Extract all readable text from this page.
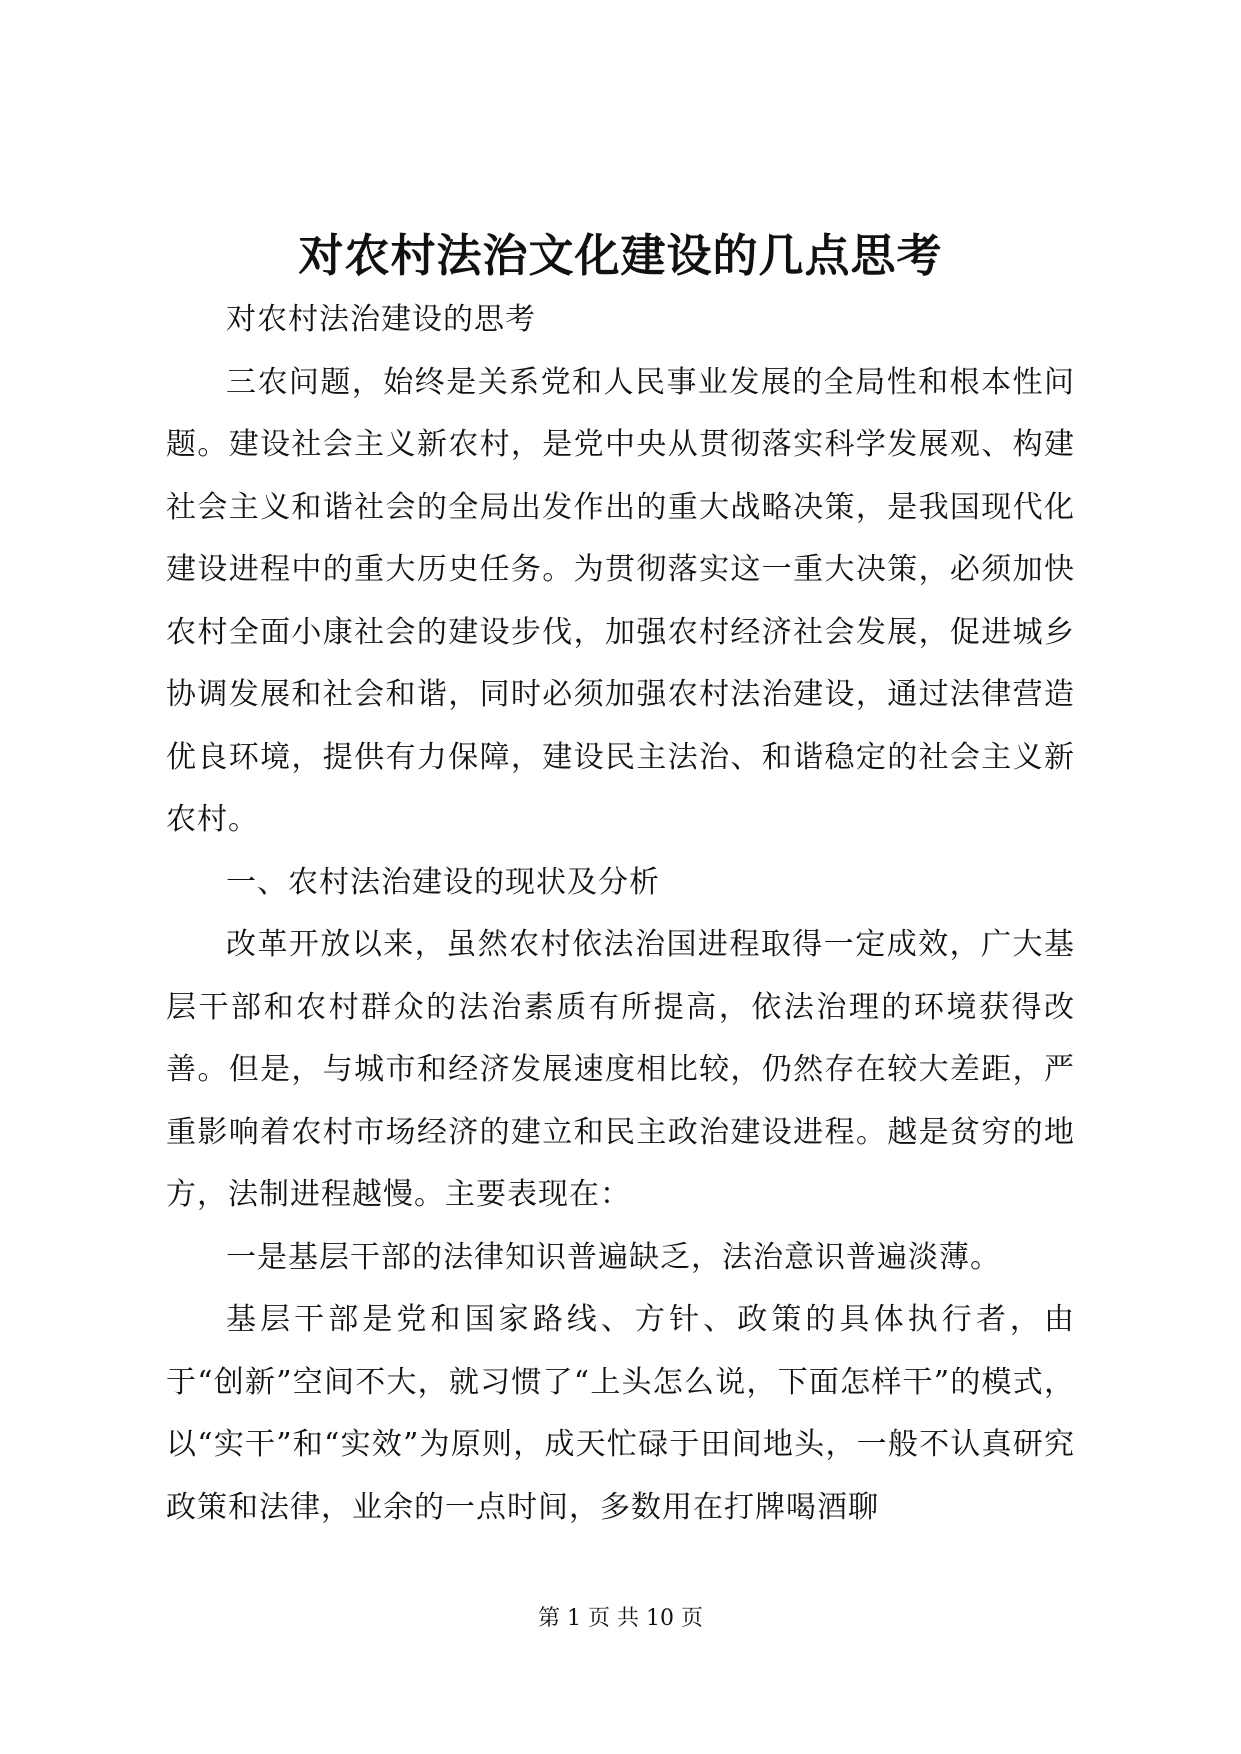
对农村法治文化建设的几点思考

对农村法治建设的思考

三农问题，始终是关系党和人民事业发展的全局性和根本性问题。建设社会主义新农村，是党中央从贯彻落实科学发展观、构建社会主义和谐社会的全局出发作出的重大战略决策，是我国现代化建设进程中的重大历史任务。为贯彻落实这一重大决策，必须加快农村全面小康社会的建设步伐，加强农村经济社会发展，促进城乡协调发展和社会和谐，同时必须加强农村法治建设，通过法律营造优良环境，提供有力保障，建设民主法治、和谐稳定的社会主义新农村。

一、农村法治建设的现状及分析

改革开放以来，虽然农村依法治国进程取得一定成效，广大基层干部和农村群众的法治素质有所提高，依法治理的环境获得改善。但是，与城市和经济发展速度相比较，仍然存在较大差距，严重影响着农村市场经济的建立和民主政治建设进程。越是贫穷的地方，法制进程越慢。主要表现在：

一是基层干部的法律知识普遍缺乏，法治意识普遍淡薄。

基层干部是党和国家路线、方针、政策的具体执行者，由于“创新”空间不大，就习惯了“上头怎么说，下面怎样干”的模式，以“实干”和“实效”为原则，成天忙碌于田间地头，一般不认真研究政策和法律，业余的一点时间，多数用在打牌喝酒聊

第 1 页 共 10 页
